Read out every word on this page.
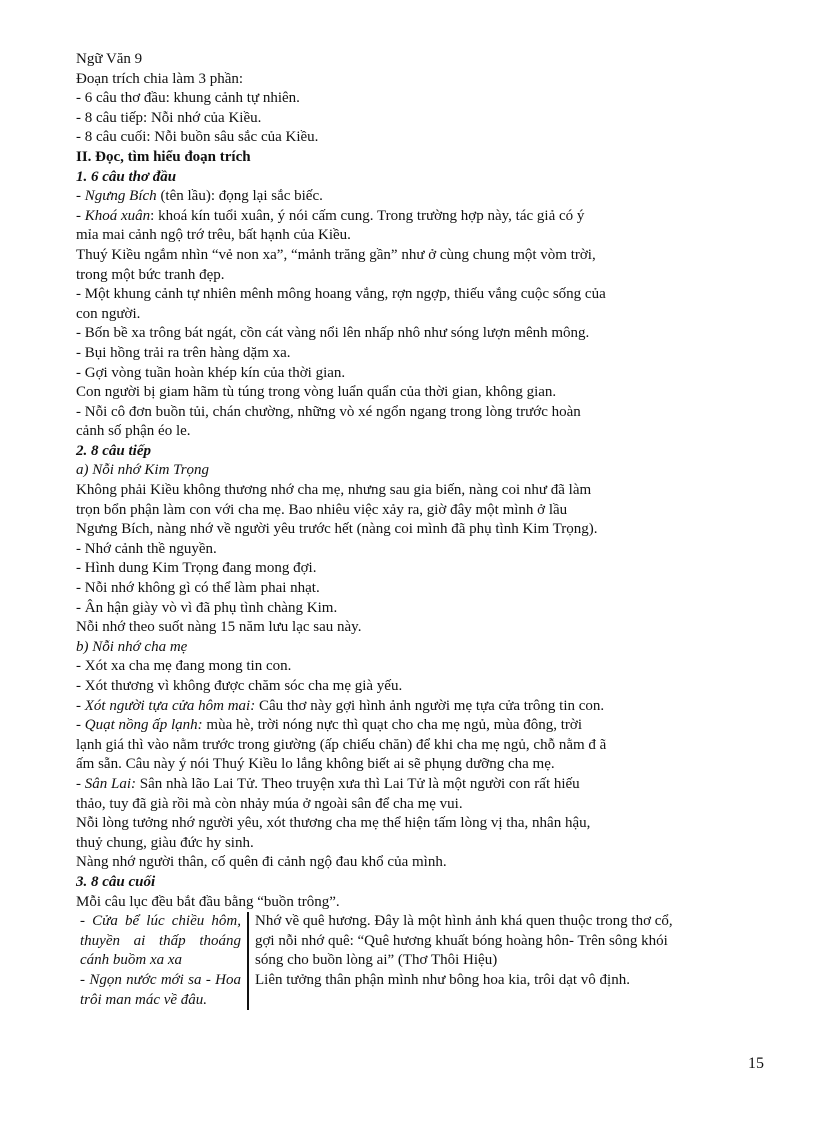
Ngữ Văn 9
Đoạn trích chia làm 3 phần:
- 6 câu thơ đầu: khung cảnh tự nhiên.
- 8 câu tiếp: Nỗi nhớ của Kiều.
- 8 câu cuối: Nỗi buồn sâu sắc của Kiều.
II. Đọc, tìm hiểu đoạn trích
1. 6 câu thơ đầu
- Ngưng Bích (tên lầu): đọng lại sắc biếc.
- Khoá xuân: khoá kín tuổi xuân, ý nói cấm cung. Trong trường hợp này, tác giả có ý
mỉa mai cảnh ngộ trớ trêu, bất hạnh của Kiều.
Thuý Kiều ngắm nhìn “vẻ non xa”, “mảnh trăng gần” như ở cùng chung một vòm trời,
trong một bức tranh đẹp.
- Một khung cảnh tự nhiên mênh mông hoang vắng, rợn ngợp, thiếu vắng cuộc sống của
con người.
- Bốn bề xa trông bát ngát, cồn cát vàng nổi lên nhấp nhô như sóng lượn mênh mông.
- Bụi hồng trải ra trên hàng dặm xa.
- Gợi vòng tuần hoàn khép kín của thời gian.
Con người bị giam hãm tù túng trong vòng luẩn quẩn của thời gian, không gian.
- Nỗi cô đơn buồn tủi, chán chường, những vò xé ngổn ngang trong lòng trước hoàn
cảnh số phận éo le.
2. 8 câu tiếp
a) Nỗi nhớ Kim Trọng
Không phải Kiều không thương nhớ cha mẹ, nhưng sau gia biến, nàng coi như đã làm
trọn bổn phận làm con với cha mẹ. Bao nhiêu việc xảy ra, giờ đây một mình ở lầu
Ngưng Bích, nàng nhớ về người yêu trước hết (nàng coi mình đã phụ tình Kim Trọng).
- Nhớ cảnh thề nguyền.
- Hình dung Kim Trọng đang mong đợi.
- Nỗi nhớ không gì có thể làm phai nhạt.
- Ân hận giày vò vì đã phụ tình chàng Kim.
Nỗi nhớ theo suốt nàng 15 năm lưu lạc sau này.
b) Nỗi nhớ cha mẹ
- Xót xa cha mẹ đang mong tin con.
- Xót thương vì không được chăm sóc cha mẹ già yếu.
- Xót người tựa cửa hôm mai: Câu thơ này gợi hình ảnh người mẹ tựa cửa trông tin con.
- Quạt nồng ấp lạnh: mùa hè, trời nóng nực thì quạt cho cha mẹ ngủ, mùa đông, trời
lạnh giá thì vào nằm trước trong giường (ấp chiếu chăn) để khi cha mẹ ngủ, chỗ nằm đ ã
ấm sẵn. Câu này ý nói Thuý Kiều lo lắng không biết ai sẽ phụng dưỡng cha mẹ.
- Sân Lai: Sân nhà lão Lai Tử. Theo truyện xưa thì Lai Tử là một người con rất hiếu
thảo, tuy đã già rồi mà còn nhảy múa ở ngoài sân để cha mẹ vui.
Nỗi lòng tưởng nhớ người yêu, xót thương cha mẹ thể hiện tấm lòng vị tha, nhân hậu,
thuỷ chung, giàu đức hy sinh.
Nàng nhớ người thân, cố quên đi cảnh ngộ đau khổ của mình.
3. 8 câu cuối
Mỗi câu lục đều bắt đầu bằng “buồn trông”.
- Cửa bể lúc chiều hôm, thuyền ai thấp thoáng cánh buồm xa xa	Nhớ về quê hương. Đây là một hình ảnh khá quen thuộc trong thơ cổ, gợi nỗi nhớ quê: “Quê hương khuất bóng hoàng hôn- Trên sông khói sóng cho buồn lòng ai” (Thơ Thôi Hiệu)
- Ngọn nước mới sa - Hoa trôi man mác về đâu.	Liên tưởng thân phận mình như bông hoa kia, trôi dạt vô định.
15
